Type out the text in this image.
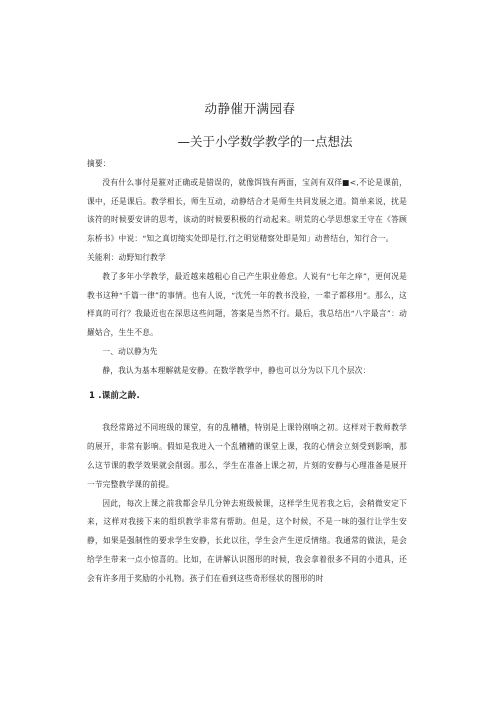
动静催开满园春
—关于小学数学教学的一点想法

摘要：

没有什么事付是箍对正确或是错误的，就像饵钱有两面，宝剑有双徉■<,不论是课前，课中，还是课后。教学相长，师生互动，动静结合才是师生共同发展之道。简单来说，扰是该符的时候要安讲的思考，该动的时候要积极的行动起来。明荒的心学思想家王守在《答顾东桥书》中说：“知之真切绮实处即是行,行之明觉精察处即是知」动普结台，知行合一。

关能利：动野知行教学

教了多年小学教学，最近越来越粗心自己产生职业倦怠。人说有“七年之痒”，更何况是教书这种“千篇一律”的事情。也有人说，“沈凭一年的教书没验，一辈子都移用“。那么，这样真的可行？我最近也在深思这些问题，答案是当然不行。最后，我总结出“八字最言”：动羅姑合，生生不息。

一、动以静为先

静，我认为基本理解就是安静。在数学教学中，静也可以分为以下几个层次：

1 .课前之龄.

我经常路过不同班级的课堂，有的乱糟糟，特别是上课铃刚响之初。这样对于教师教学的展开，非常有影响。假如是我进入一个乱糟糟的课堂上课，我的心情会立刻受到影响，那么这节课的教学效果就会削弱。那么，学生在准备上课之初，片刻的安静与心理准备是展开一节完整教学课的前提。

因此，每次上课之前我都会早几分钟去班级候课，这样学生见若我之后，会稍微安定下来，这样对我接下来的组织教学非常有帮助。但是，这个时候，不是一味的强行让学生安静，如果是强制性的要求学生安静，长此以往，学生会产生逆反情绪。我通常的做法，是会给学生带来一点小惊喜的。比如，在讲解认识图形的时候，我会拿着很多不同的小道具，还会有许多用于奖励的小礼物。孩子们在看到这些奇形怪状的图形的时
